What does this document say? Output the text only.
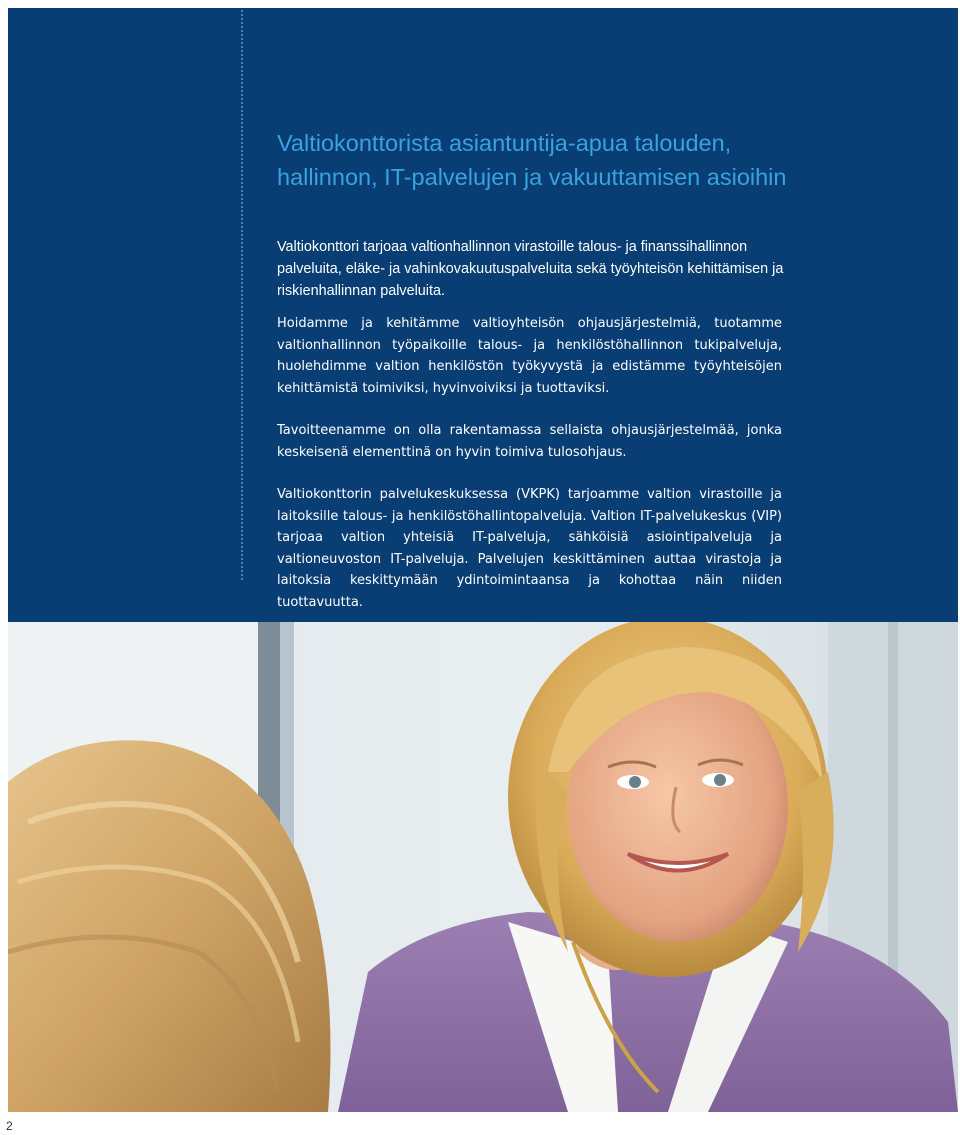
Valtiokonttorista asiantuntija-apua talouden, hallinnon, IT-palvelujen ja vakuuttamisen asioihin

Valtiokonttori tarjoaa valtionhallinnon virastoille talous- ja finanssihallinnon palveluita, eläke- ja vahinkovakuutuspalveluita sekä työyhteisön kehittämisen ja riskienhallinnan palveluita.

Hoidamme ja kehitämme valtioyhteisön ohjausjärjestelmiä, tuotamme valtionhallinnon työpaikoille talous- ja henkilöstöhallinnon tukipalveluja, huolehdimme valtion henkilöstön työkyvystä ja edistämme työyhteisöjen kehittämistä toimiviksi, hyvinvoiviksi ja tuottaviksi.

Tavoitteenamme on olla rakentamassa sellaista ohjausjärjestelmää, jonka keskeisenä elementtinä on hyvin toimiva tulosohjaus.

Valtiokonttorin palvelukeskuksessa (VKPK) tarjoamme valtion virastoille ja laitoksille talous- ja henkilöstöhallintopalveluja. Valtion IT-palvelukeskus (VIP) tarjoaa valtion yhteisiä IT-palveluja, sähköisiä asiointipalveluja ja valtioneuvoston IT-palveluja. Palvelujen keskittäminen auttaa virastoja ja laitoksia keskittymään ydintoimintaansa ja kohottaa näin niiden tuottavuutta.

2
